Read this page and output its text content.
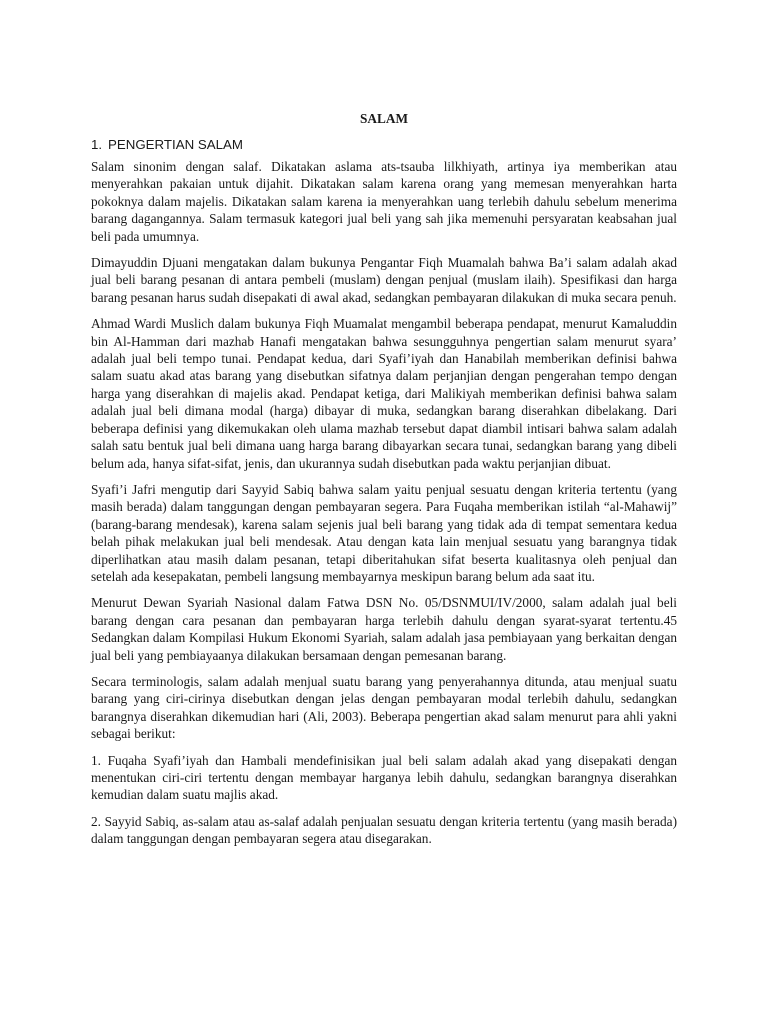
SALAM
1. PENGERTIAN SALAM

Salam sinonim dengan salaf. Dikatakan aslama ats-tsauba lilkhiyath, artinya iya memberikan atau menyerahkan pakaian untuk dijahit. Dikatakan salam karena orang yang memesan menyerahkan harta pokoknya dalam majelis. Dikatakan salam karena ia menyerahkan uang terlebih dahulu sebelum menerima barang dagangannya. Salam termasuk kategori jual beli yang sah jika memenuhi persyaratan keabsahan jual beli pada umumnya.

Dimayuddin Djuani mengatakan dalam bukunya Pengantar Fiqh Muamalah bahwa Ba’i salam adalah akad jual beli barang pesanan di antara pembeli (muslam) dengan penjual (muslam ilaih). Spesifikasi dan harga barang pesanan harus sudah disepakati di awal akad, sedangkan pembayaran dilakukan di muka secara penuh.

Ahmad Wardi Muslich dalam bukunya Fiqh Muamalat mengambil beberapa pendapat, menurut Kamaluddin bin Al-Hamman dari mazhab Hanafi mengatakan bahwa sesungguhnya pengertian salam menurut syara’ adalah jual beli tempo tunai. Pendapat kedua, dari Syafi’iyah dan Hanabilah memberikan definisi bahwa salam suatu akad atas barang yang disebutkan sifatnya dalam perjanjian dengan pengerahan tempo dengan harga yang diserahkan di majelis akad. Pendapat ketiga, dari Malikiyah memberikan definisi bahwa salam adalah jual beli dimana modal (harga) dibayar di muka, sedangkan barang diserahkan dibelakang. Dari beberapa definisi yang dikemukakan oleh ulama mazhab tersebut dapat diambil intisari bahwa salam adalah salah satu bentuk jual beli dimana uang harga barang dibayarkan secara tunai, sedangkan barang yang dibeli belum ada, hanya sifat-sifat, jenis, dan ukurannya sudah disebutkan pada waktu perjanjian dibuat.

Syafi’i Jafri mengutip dari Sayyid Sabiq bahwa salam yaitu penjual sesuatu dengan kriteria tertentu (yang masih berada) dalam tanggungan dengan pembayaran segera. Para Fuqaha memberikan istilah “al-Mahawij” (barang-barang mendesak), karena salam sejenis jual beli barang yang tidak ada di tempat sementara kedua belah pihak melakukan jual beli mendesak. Atau dengan kata lain menjual sesuatu yang barangnya tidak diperlihatkan atau masih dalam pesanan, tetapi diberitahukan sifat beserta kualitasnya oleh penjual dan setelah ada kesepakatan, pembeli langsung membayarnya meskipun barang belum ada saat itu.

Menurut Dewan Syariah Nasional dalam Fatwa DSN No. 05/DSNMUI/IV/2000, salam adalah jual beli barang dengan cara pesanan dan pembayaran harga terlebih dahulu dengan syarat-syarat tertentu.45 Sedangkan dalam Kompilasi Hukum Ekonomi Syariah, salam adalah jasa pembiayaan yang berkaitan dengan jual beli yang pembiayaanya dilakukan bersamaan dengan pemesanan barang.

Secara terminologis, salam adalah menjual suatu barang yang penyerahannya ditunda, atau menjual suatu barang yang ciri-cirinya disebutkan dengan jelas dengan pembayaran modal terlebih dahulu, sedangkan barangnya diserahkan dikemudian hari (Ali, 2003). Beberapa pengertian akad salam menurut para ahli yakni sebagai berikut:

1. Fuqaha Syafi’iyah dan Hambali mendefinisikan jual beli salam adalah akad yang disepakati dengan menentukan ciri-ciri tertentu dengan membayar harganya lebih dahulu, sedangkan barangnya diserahkan kemudian dalam suatu majlis akad.

2. Sayyid Sabiq, as-salam atau as-salaf adalah penjualan sesuatu dengan kriteria tertentu (yang masih berada) dalam tanggungan dengan pembayaran segera atau disegarakan.
